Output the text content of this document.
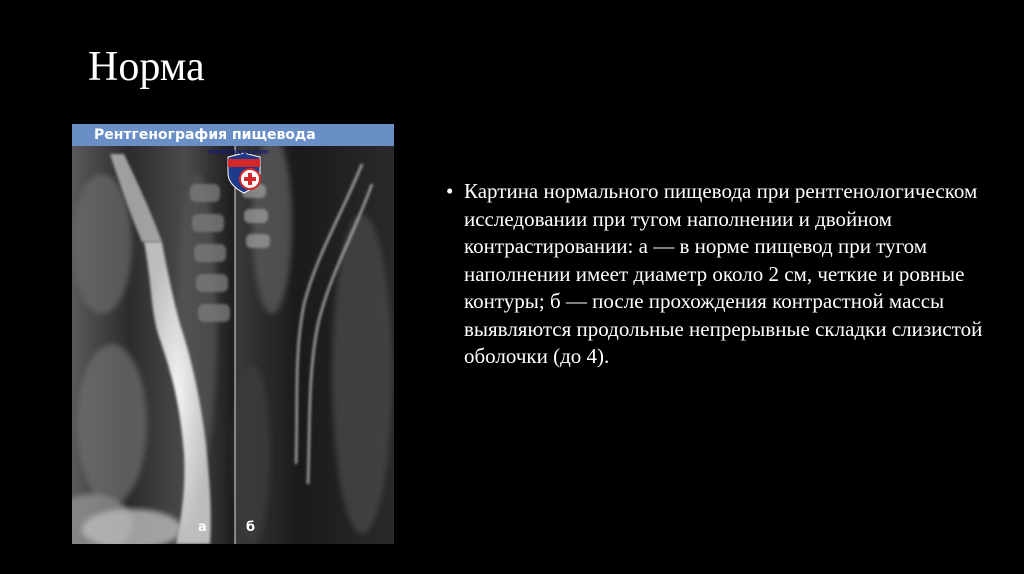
Норма
Рентгенография пищевода
medUniver.com
а	б
• Картина нормального пищевода при рентгенологическом исследовании при тугом наполнении и двойном контрастировании: а — в норме пищевод при тугом наполнении имеет диаметр около 2 см, четкие и ровные контуры; б — после прохождения контрастной массы выявляются продольные непрерывные складки слизистой оболочки (до 4).
